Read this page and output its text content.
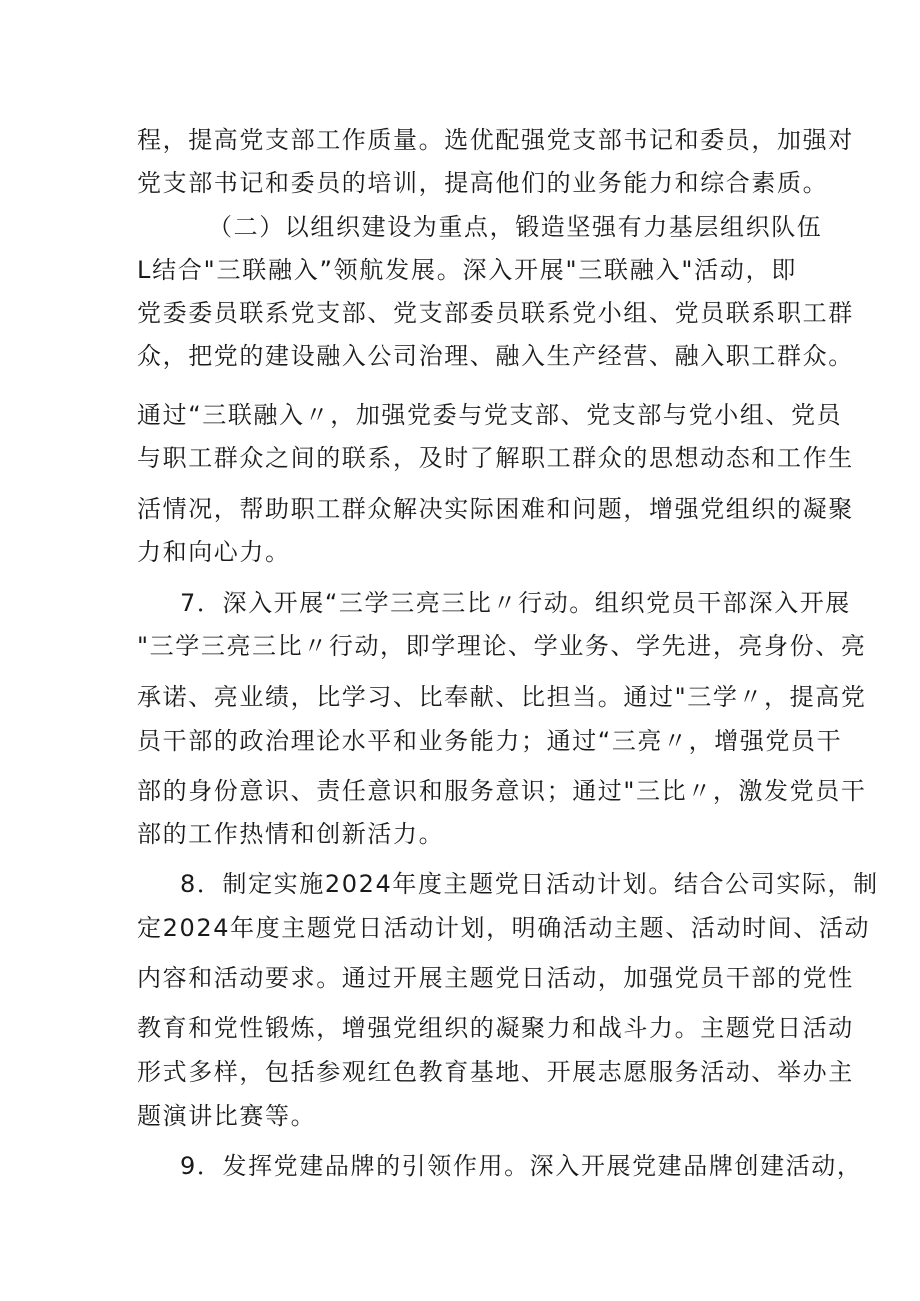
程，提高党支部工作质量。选优配强党支部书记和委员，加强对

党支部书记和委员的培训，提高他们的业务能力和综合素质。

（二）以组织建设为重点，锻造坚强有力基层组织队伍

L结合"三联融入”领航发展。深入开展"三联融入"活动，即

党委委员联系党支部、党支部委员联系党小组、党员联系职工群

众，把党的建设融入公司治理、融入生产经营、融入职工群众。

通过“三联融入〃，加强党委与党支部、党支部与党小组、党员

与职工群众之间的联系，及时了解职工群众的思想动态和工作生

活情况，帮助职工群众解决实际困难和问题，增强党组织的凝聚

力和向心力。

7．深入开展“三学三亮三比〃行动。组织党员干部深入开展

"三学三亮三比〃行动，即学理论、学业务、学先进，亮身份、亮

承诺、亮业绩，比学习、比奉献、比担当。通过"三学〃，提高党

员干部的政治理论水平和业务能力；通过“三亮〃，增强党员干

部的身份意识、责任意识和服务意识；通过"三比〃，激发党员干

部的工作热情和创新活力。

8．制定实施2024年度主题党日活动计划。结合公司实际，制

定2024年度主题党日活动计划，明确活动主题、活动时间、活动

内容和活动要求。通过开展主题党日活动，加强党员干部的党性

教育和党性锻炼，增强党组织的凝聚力和战斗力。主题党日活动

形式多样，包括参观红色教育基地、开展志愿服务活动、举办主

题演讲比赛等。

9．发挥党建品牌的引领作用。深入开展党建品牌创建活动，
